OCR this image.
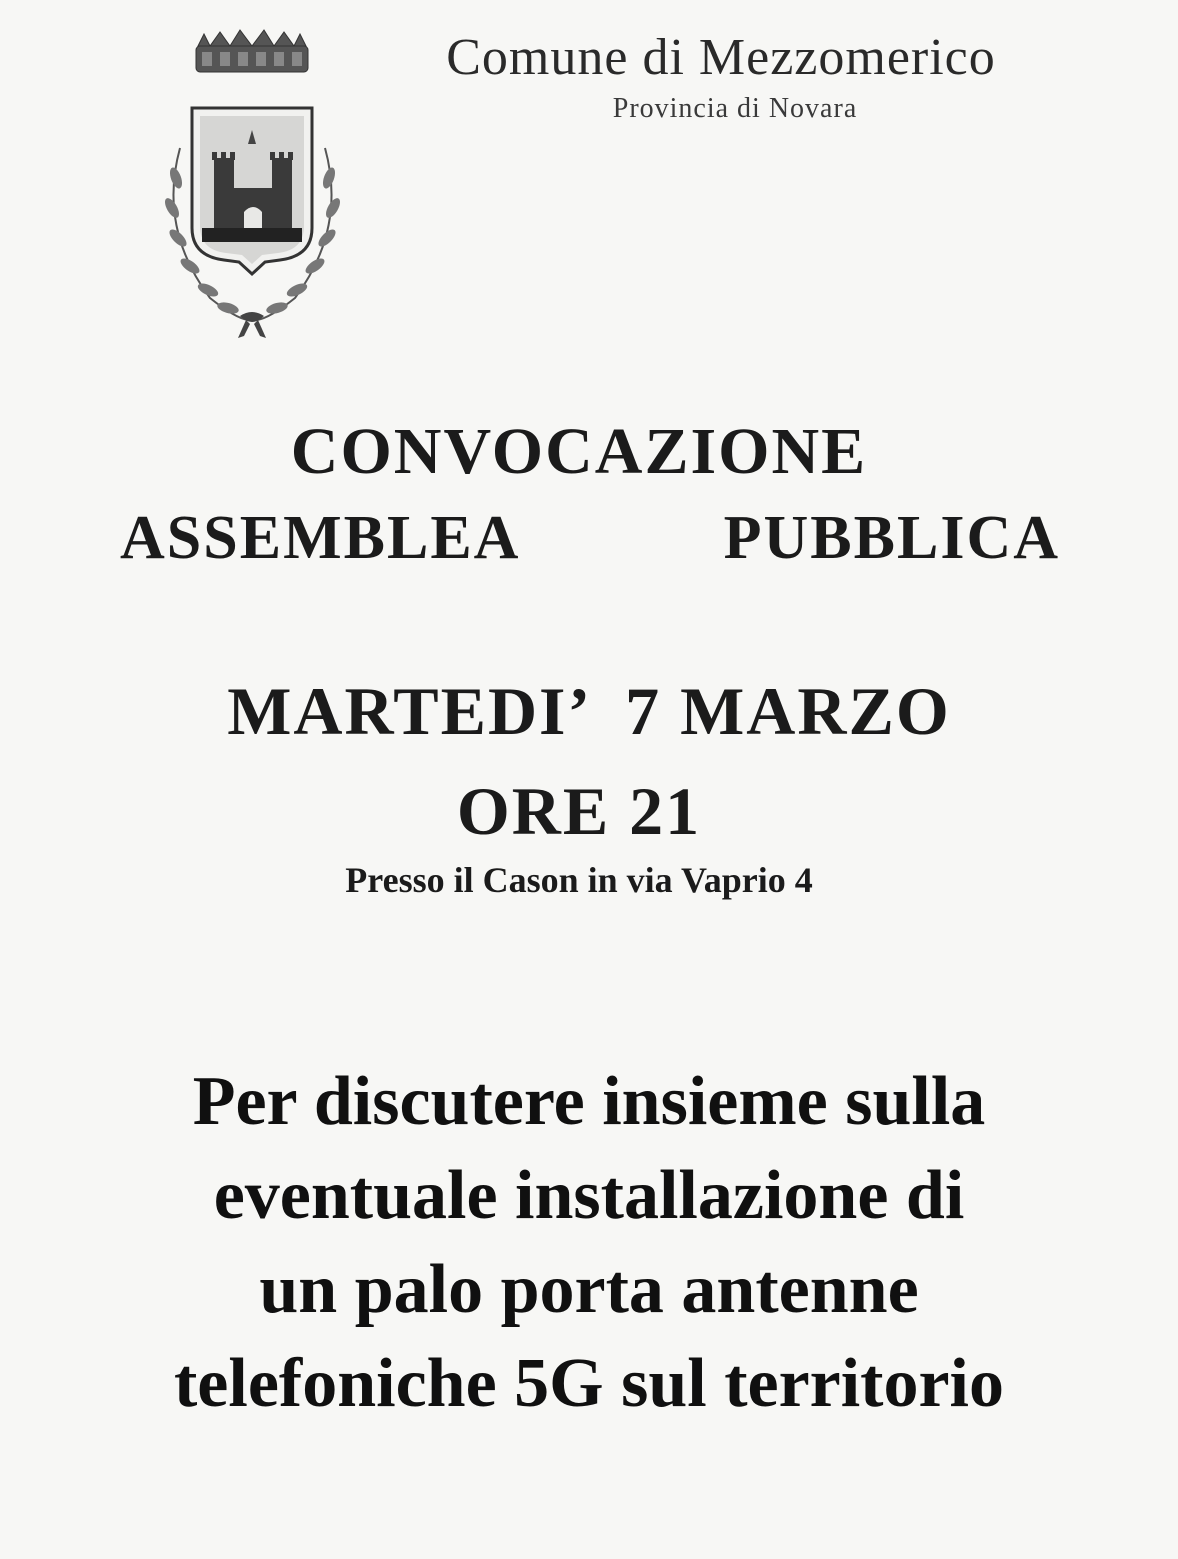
Comune di Mezzomerico
Provincia di Novara
CONVOCAZIONE
ASSEMBLEA	PUBBLICA
MARTEDI’  7 MARZO
ORE 21
Presso il Cason in via Vaprio 4
Per discutere insieme sulla
eventuale installazione di
un palo porta antenne
telefoniche 5G sul territorio
